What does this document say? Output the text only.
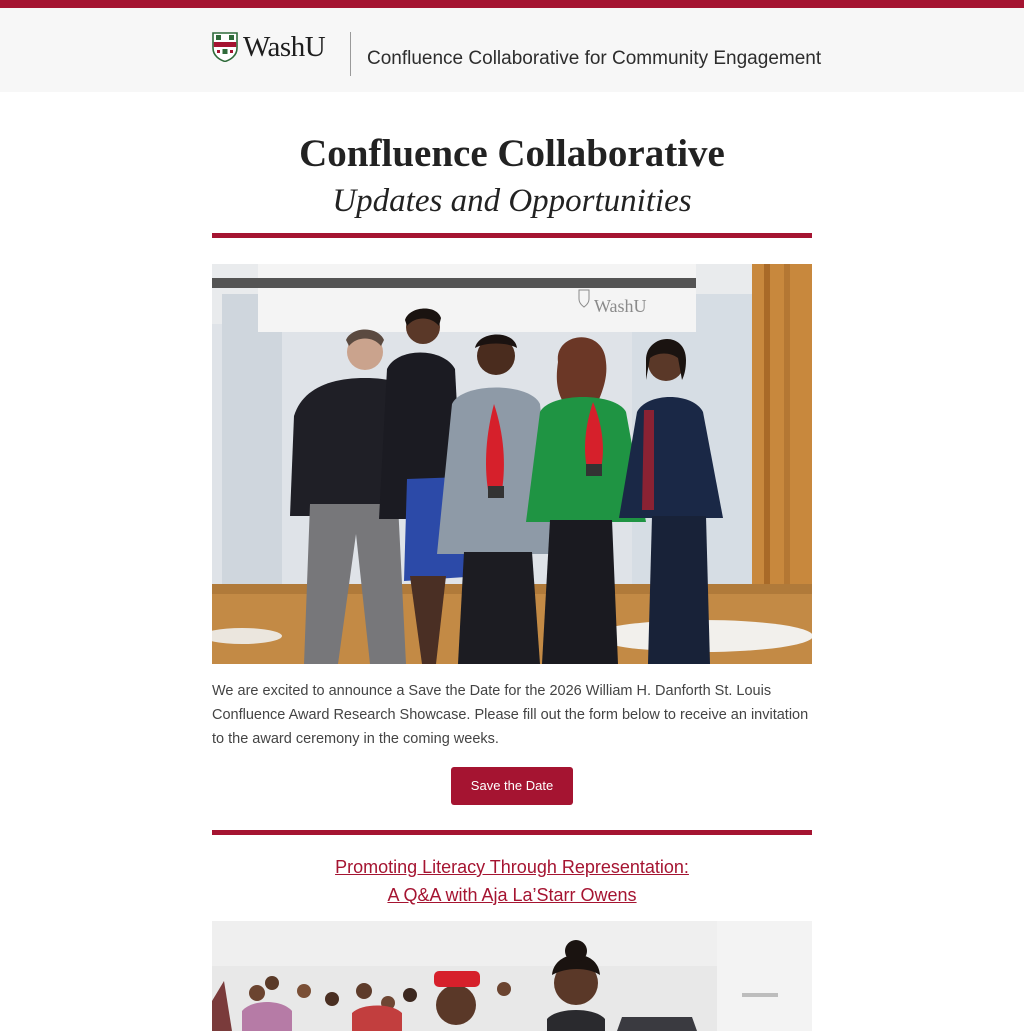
WashU Confluence Collaborative for Community Engagement
Confluence Collaborative
Updates and Opportunities
WashU
We are excited to announce a Save the Date for the 2026 William H. Danforth St. Louis Confluence Award Research Showcase. Please fill out the form below to receive an invitation to the award ceremony in the coming weeks.
Save the Date
Promoting Literacy Through Representation:
A Q&A with Aja La’Starr Owens
